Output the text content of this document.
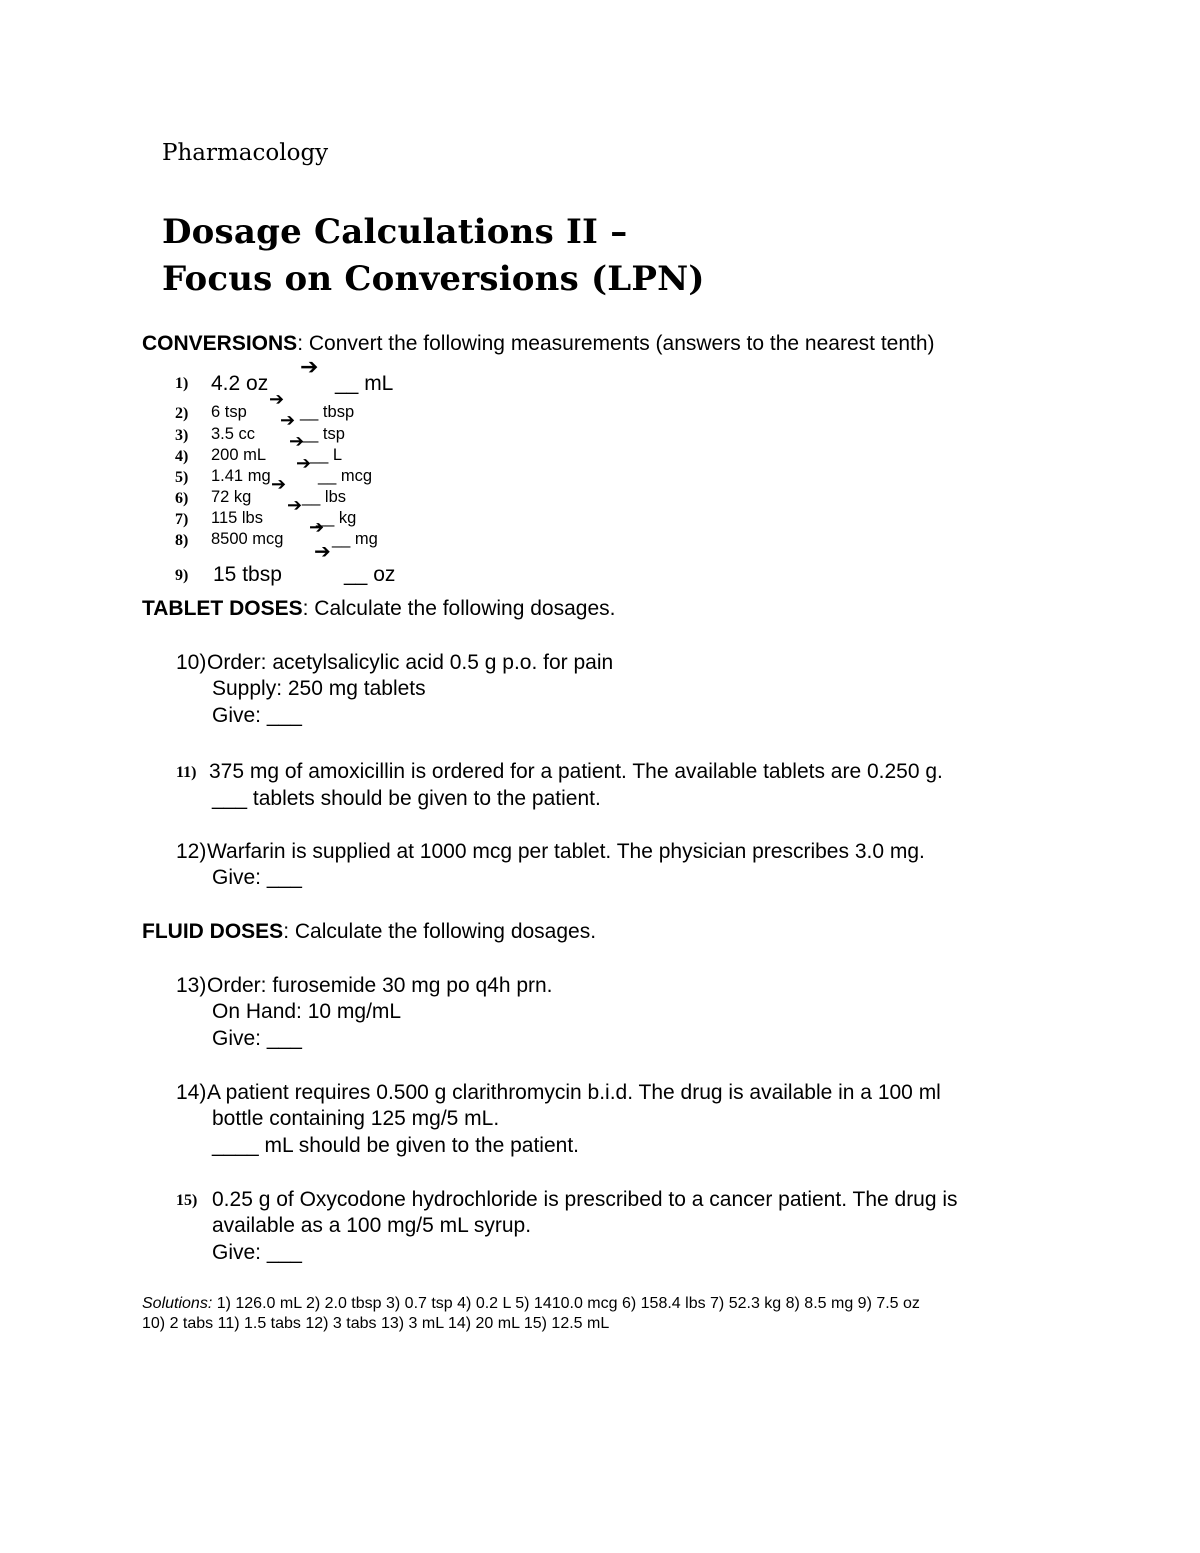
Pharmacology
Dosage Calculations II –
Focus on Conversions (LPN)
CONVERSIONS: Convert the following measurements (answers to the nearest tenth)
1) 4.2 oz
➔
__ mL
2) 6 tsp
➔
➔ __ tbsp
3) 3.5 cc ➔
__ tsp
4) 200 mL ➔
__ L
5) 1.41 mg ➔ __ mcg
6) 72 kg ➔ __ lbs
7) 115 lbs	➔
__ kg
8) 8500 mcg
➔
__ mg
9) 15 tbsp	__ oz
TABLET DOSES: Calculate the following dosages.
10) Order: acetylsalicylic acid 0.5 g p.o. for pain
Supply: 250 mg tablets
Give: ___
11) 375 mg of amoxicillin is ordered for a patient. The available tablets are 0.250 g.
___ tablets should be given to the patient.
12) Warfarin is supplied at 1000 mcg per tablet. The physician prescribes 3.0 mg.
Give: ___
FLUID DOSES: Calculate the following dosages.
13) Order: furosemide 30 mg po q4h prn.
On Hand: 10 mg/mL
Give: ___
14) A patient requires 0.500 g clarithromycin b.i.d. The drug is available in a 100 ml
bottle containing 125 mg/5 mL.
____ mL should be given to the patient.
15) 0.25 g of Oxycodone hydrochloride is prescribed to a cancer patient. The drug is
available as a 100 mg/5 mL syrup.
Give: ___
Solutions: 1) 126.0 mL 2) 2.0 tbsp 3) 0.7 tsp 4) 0.2 L 5) 1410.0 mcg 6) 158.4 lbs 7) 52.3 kg 8) 8.5 mg 9) 7.5 oz
10) 2 tabs 11) 1.5 tabs 12) 3 tabs 13) 3 mL 14) 20 mL 15) 12.5 mL
